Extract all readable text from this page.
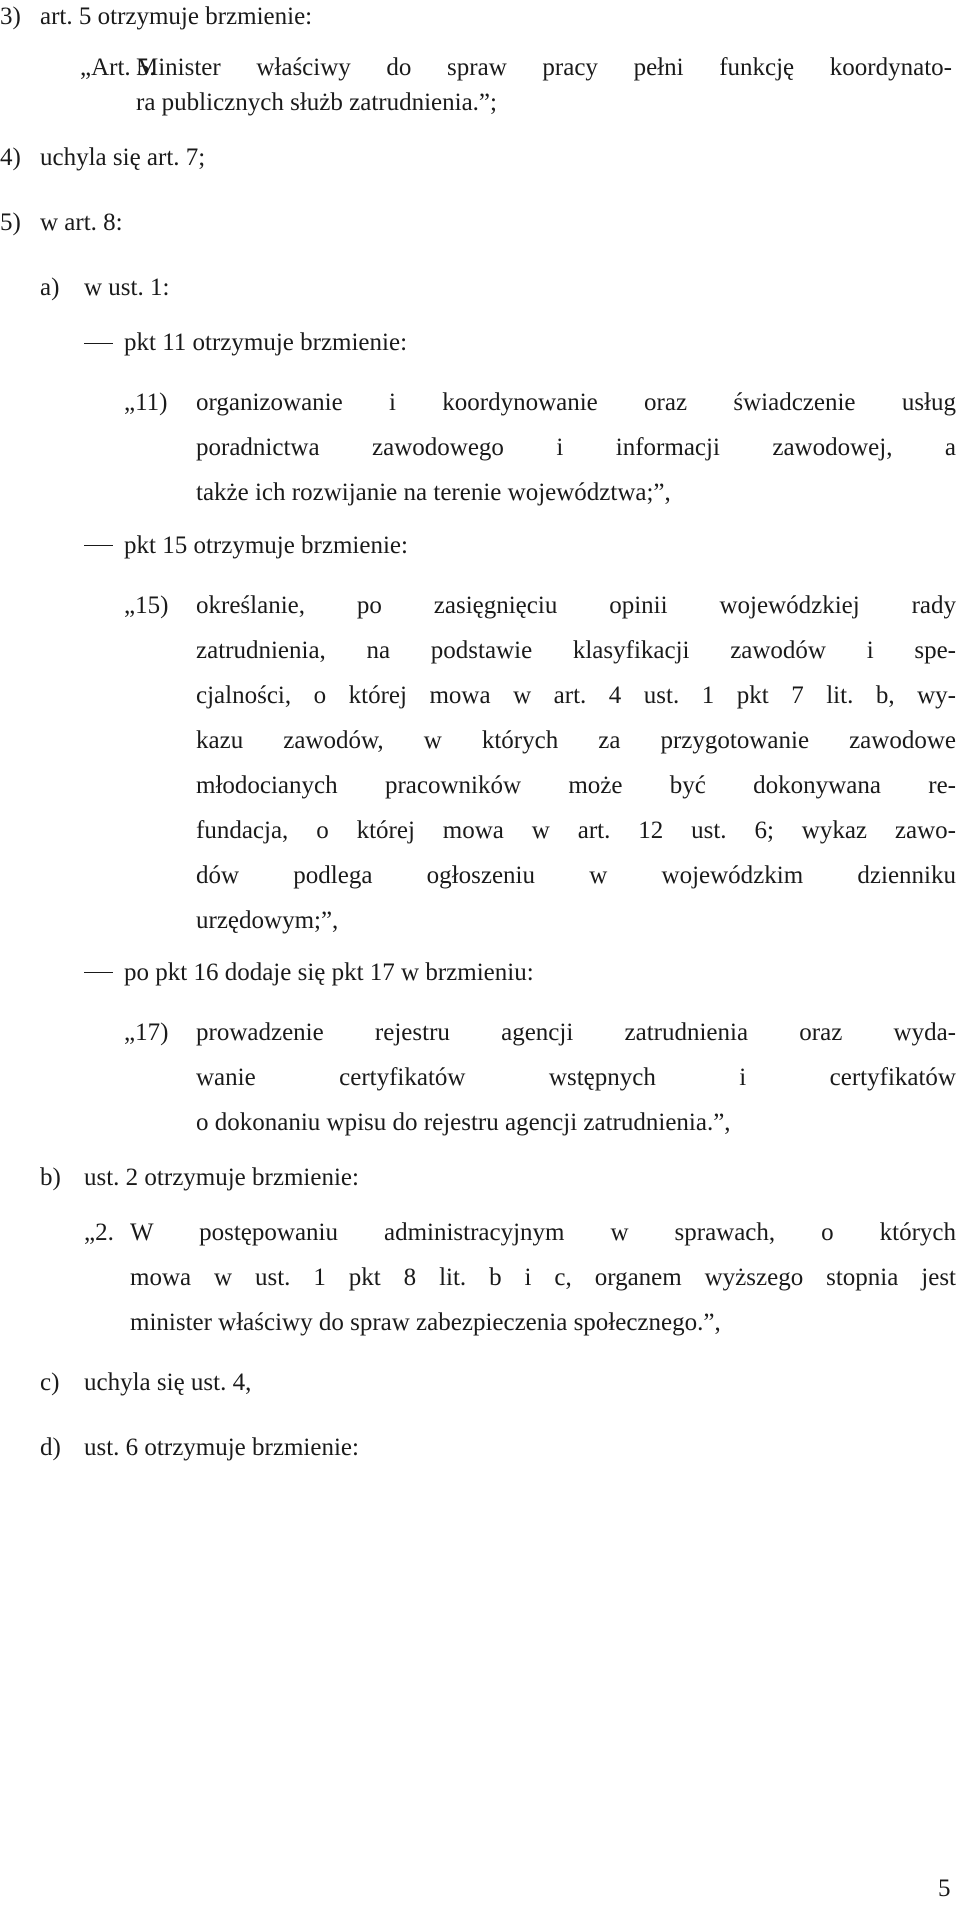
3) art. 5 otrzymuje brzmienie:
„Art. 5.
Minister właściwy do spraw pracy pełni funkcję koordynato-
ra publicznych służb zatrudnienia.”;
4) uchyla się art. 7;
5) w art. 8:
a) w ust. 1:
pkt 11 otrzymuje brzmienie:
„11) organizowanie i koordynowanie oraz świadczenie usług
poradnictwa zawodowego i informacji zawodowej, a
także ich rozwijanie na terenie województwa;”,
pkt 15 otrzymuje brzmienie:
„15) określanie, po zasięgnięciu opinii wojewódzkiej rady
zatrudnienia, na podstawie klasyfikacji zawodów i spe-
cjalności, o której mowa w art. 4 ust. 1 pkt 7 lit. b, wy-
kazu zawodów, w których za przygotowanie zawodowe
młodocianych pracowników może być dokonywana re-
fundacja, o której mowa w art. 12 ust. 6; wykaz zawo-
dów podlega ogłoszeniu w wojewódzkim dzienniku
urzędowym;”,
po pkt 16 dodaje się pkt 17 w brzmieniu:
„17) prowadzenie rejestru agencji zatrudnienia oraz wyda-
wanie certyfikatów wstępnych i certyfikatów
o dokonaniu wpisu do rejestru agencji zatrudnienia.”,
b) ust. 2 otrzymuje brzmienie:
„2. W postępowaniu administracyjnym w sprawach, o których
mowa w ust. 1 pkt 8 lit. b i c, organem wyższego stopnia jest
minister właściwy do spraw zabezpieczenia społecznego.”,
c) uchyla się ust. 4,
d) ust. 6 otrzymuje brzmienie:
5
